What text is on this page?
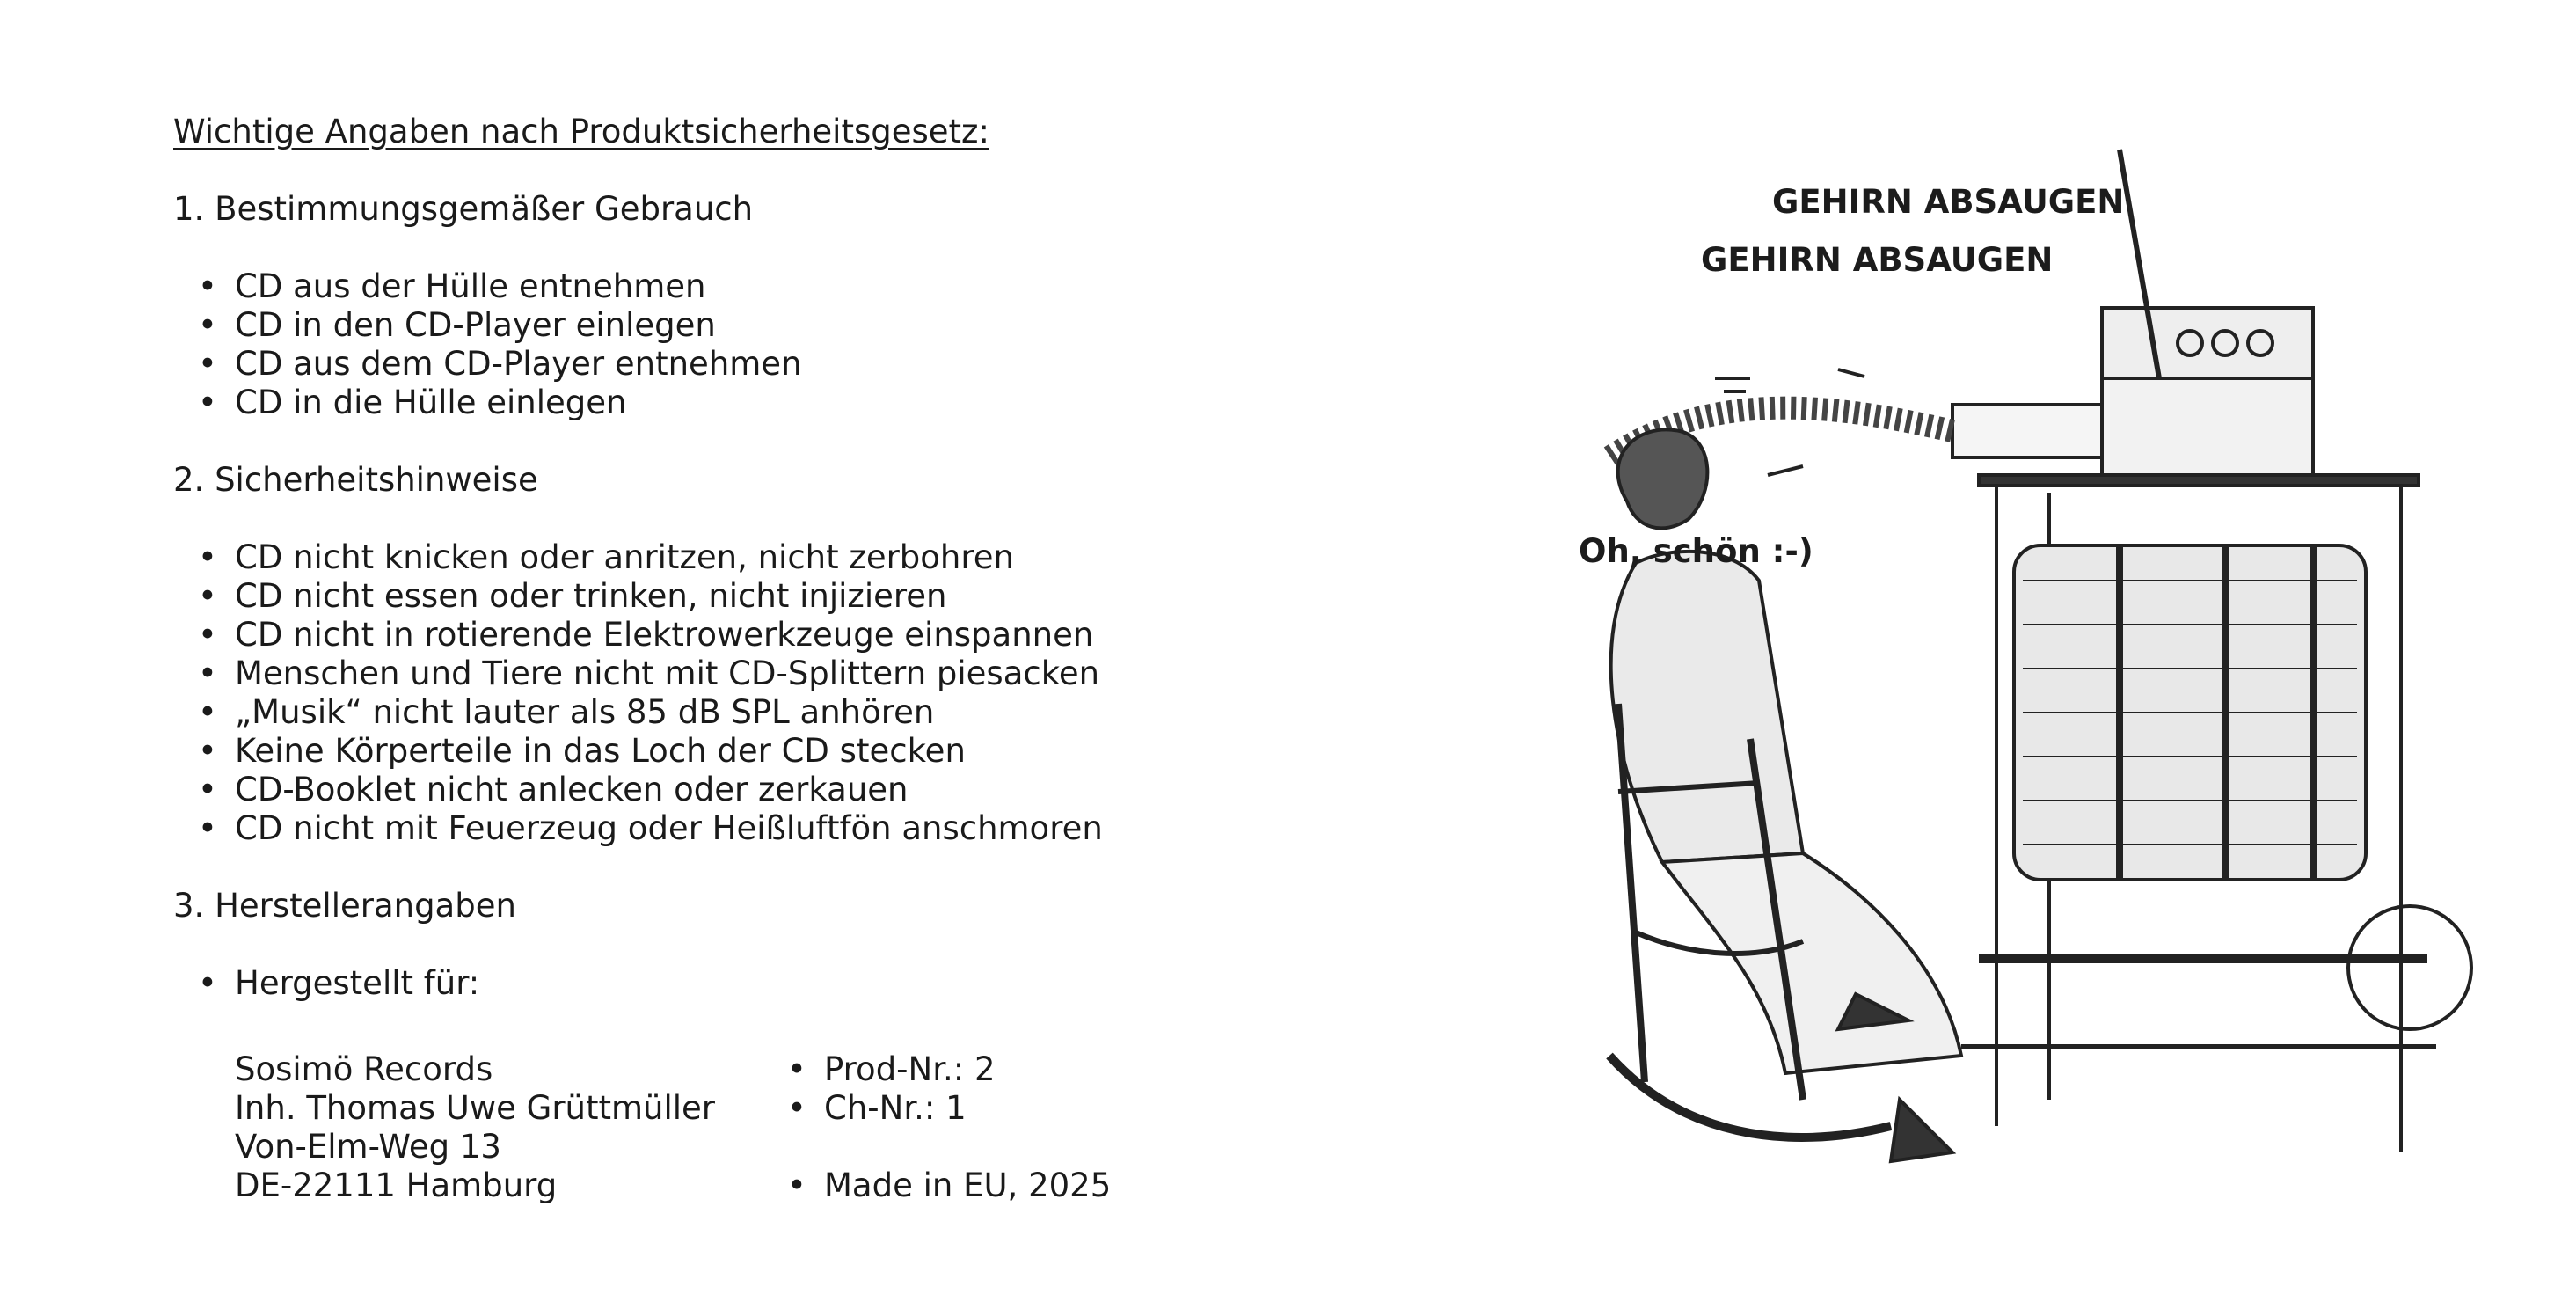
Wichtige Angaben nach Produktsicherheitsgesetz:
1. Bestimmungsgemäßer Gebrauch
• CD aus der Hülle entnehmen
• CD in den CD-Player einlegen
• CD aus dem CD-Player entnehmen
• CD in die Hülle einlegen
2. Sicherheitshinweise
• CD nicht knicken oder anritzen, nicht zerbohren
• CD nicht essen oder trinken, nicht injizieren
• CD nicht in rotierende Elektrowerkzeuge einspannen
• Menschen und Tiere nicht mit CD-Splittern piesacken
• „Musik“ nicht lauter als 85 dB SPL anhören
• Keine Körperteile in das Loch der CD stecken
• CD-Booklet nicht anlecken oder zerkauen
• CD nicht mit Feuerzeug oder Heißluftfön anschmoren
3. Herstellerangaben
• Hergestellt für:
Sosimö Records
Inh. Thomas Uwe Grüttmüller
Von-Elm-Weg 13
DE-22111 Hamburg
• Prod-Nr.: 2
• Ch-Nr.: 1
• Made in EU, 2025
GEHIRN ABSAUGEN
GEHIRN ABSAUGEN
Oh, schön :-)
